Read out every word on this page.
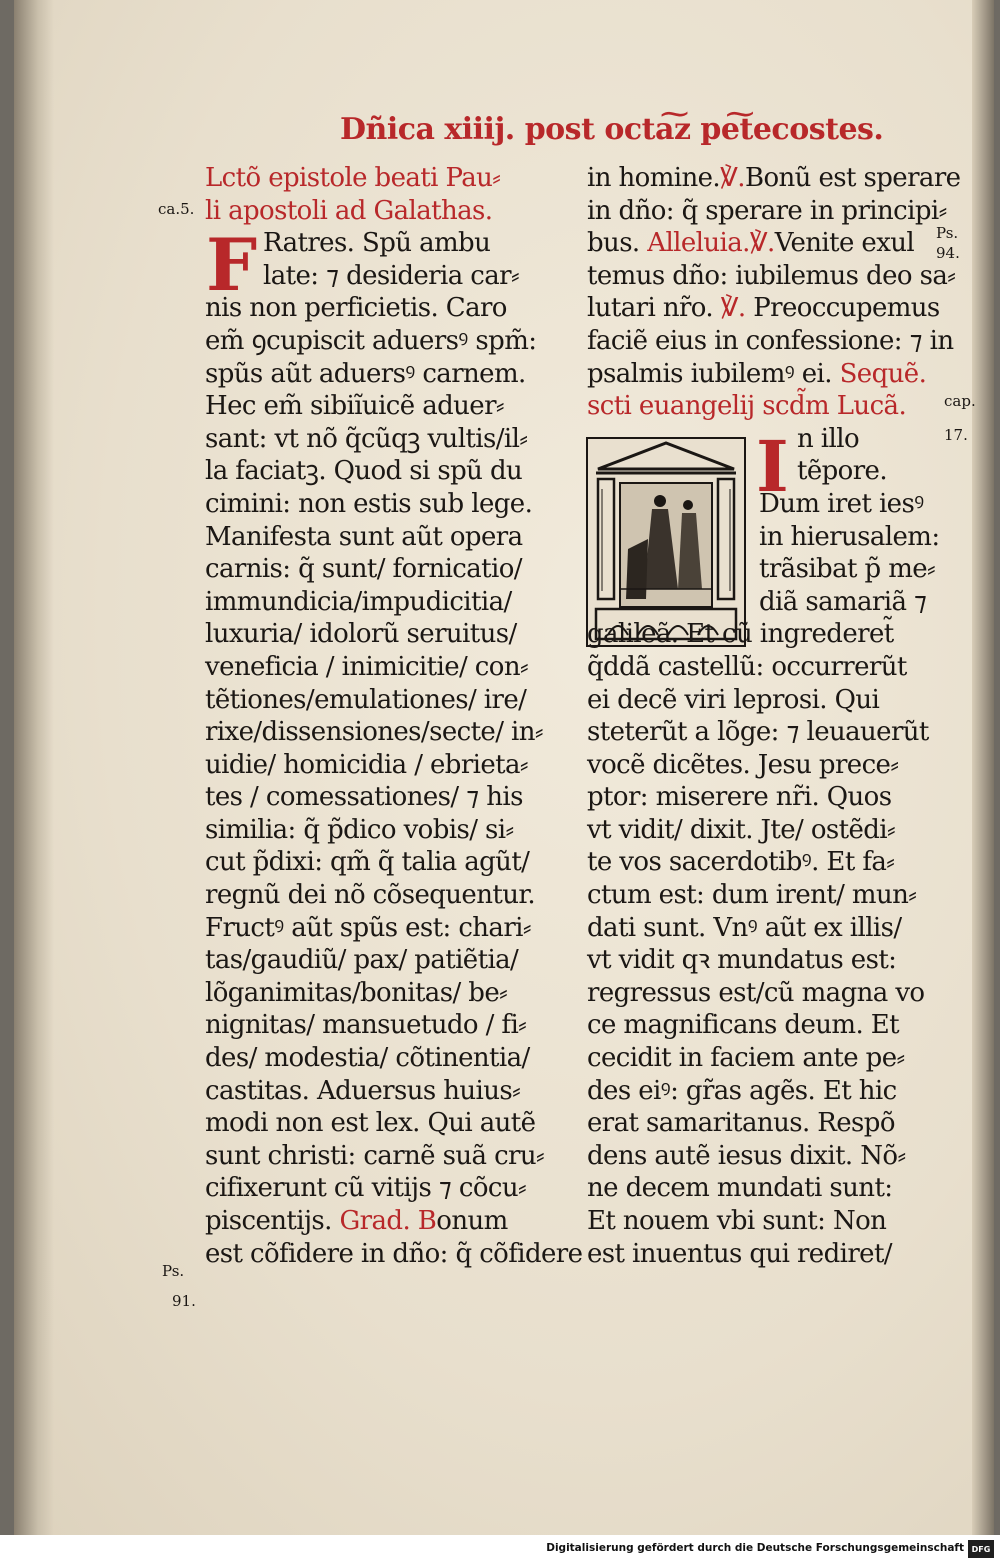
Dñica xiiij. post octa͠z pe͠tecostes.
ca.5.
Ps.
94.
cap.
17.
Ps.
91.
F
Lctõ epistole beati Pau⸗
li apostoli ad Galathas.
Ratres. Spũ ambu
late: ⁊ desideria car⸗
nis non perficietis. Caro
em̃ ꝯcupiscit aduersꝰ spm̃:
spũs aũt aduersꝰ carnem.
Hec em̃ sibiĩuicẽ aduer⸗
sant: vt nõ q̃cũqꝫ vultis/il⸗
la faciatꝫ. Quod si spũ du
cimini: non estis sub lege.
Manifesta sunt aũt opera
carnis: q̃ sunt/ fornicatio/
immundicia/impudicitia/
luxuria/ idolorũ seruitus/
veneficia / inimicitie/ con⸗
tẽtiones/emulationes/ ire/
rixe/dissensiones/secte/ in⸗
uidie/ homicidia / ebrieta⸗
tes / comessationes/ ⁊ his
similia: q̃ p̃dico vobis/ si⸗
cut p̃dixi: qm̃ q̃ talia agũt/
regnũ dei nõ cõsequentur.
Fructꝰ aũt spũs est: chari⸗
tas/gaudiũ/ pax/ patiẽtia/
lõganimitas/bonitas/ be⸗
nignitas/ mansuetudo / fi⸗
des/ modestia/ cõtinentia/
castitas. Aduersus huius⸗
modi non est lex. Qui autẽ
sunt christi: carnẽ suã cru⸗
cifixerunt cũ vitijs ⁊ cõcu⸗
piscentijs. Grad. Bonum
est cõfidere in dño: q̃ cõfidere
I
in homine.℣.Bonũ est sperare
in dño: q̃ sperare in principi⸗
bus. Alleluia.℣.Venite exul
temus dño: iubilemus deo sa⸗
lutari nr̃o. ℣. Preoccupemus
faciẽ eius in confessione: ⁊ in
psalmis iubilemꝰ ei. Sequẽ.
scti euangelij scd̃m Lucã.
n illo
tẽpore.
Dum iret iesꝰ
in hierusalem:
trãsibat p̃ me⸗
diã samariã ⁊
galileã. Et cũ ingrederet̃
q̃ddã castellũ: occurrerũt
ei decẽ viri leprosi. Qui
steterũt a lõge: ⁊ leuauerũt
vocẽ dicẽtes. Jesu prece⸗
ptor: miserere nr̃i. Quos
vt vidit/ dixit. Jte/ ostẽdi⸗
te vos sacerdotibꝰ. Et fa⸗
ctum est: dum irent/ mun⸗
dati sunt. Vnꝰ aũt ex illis/
vt vidit qꝛ mundatus est:
regressus est/cũ magna vo
ce magnificans deum. Et
cecidit in faciem ante pe⸗
des eiꝰ: gr̃as agẽs. Et hic
erat samaritanus. Respõ
dens autẽ iesus dixit. Nõ⸗
ne decem mundati sunt:
Et nouem vbi sunt: Non
est inuentus qui rediret/
Digitalisierung gefördert durch die Deutsche Forschungsgemeinschaft DFG
